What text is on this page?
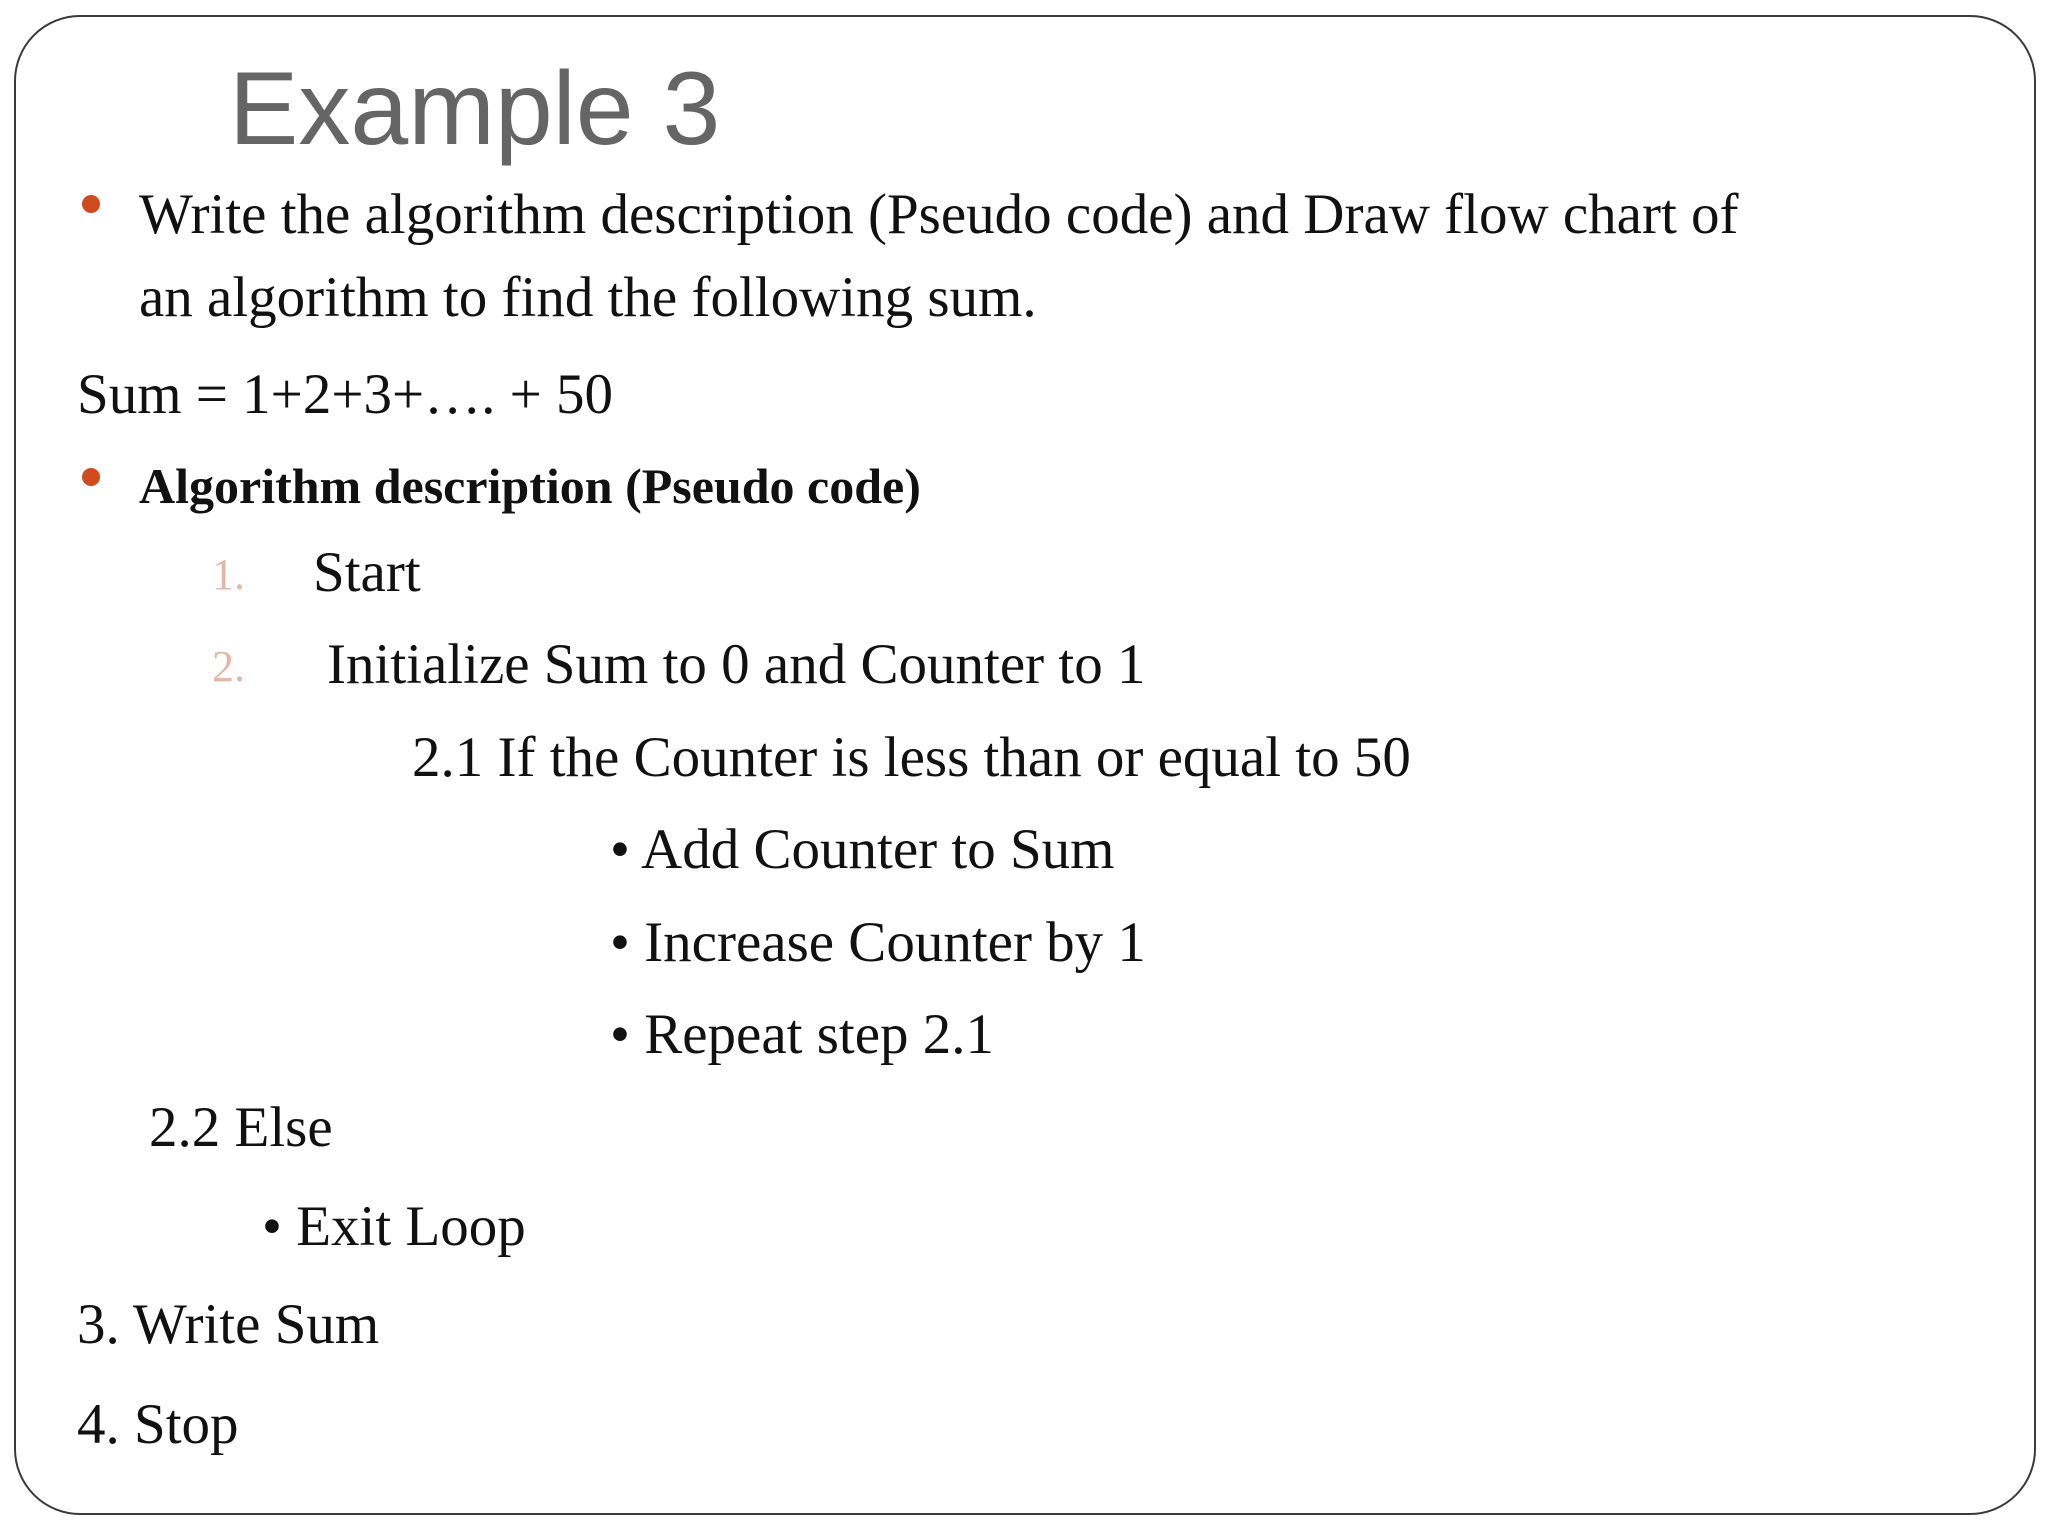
Example 3
Write the algorithm description (Pseudo code) and Draw flow chart of
an algorithm to find the following sum.
Sum = 1+2+3+…. + 50
Algorithm description (Pseudo code)
1. Start
2. Initialize Sum to 0 and Counter to 1
2.1 If the Counter is less than or equal to 50
• Add Counter to Sum
• Increase Counter by 1
• Repeat step 2.1
2.2 Else
• Exit Loop
3. Write Sum
4. Stop
